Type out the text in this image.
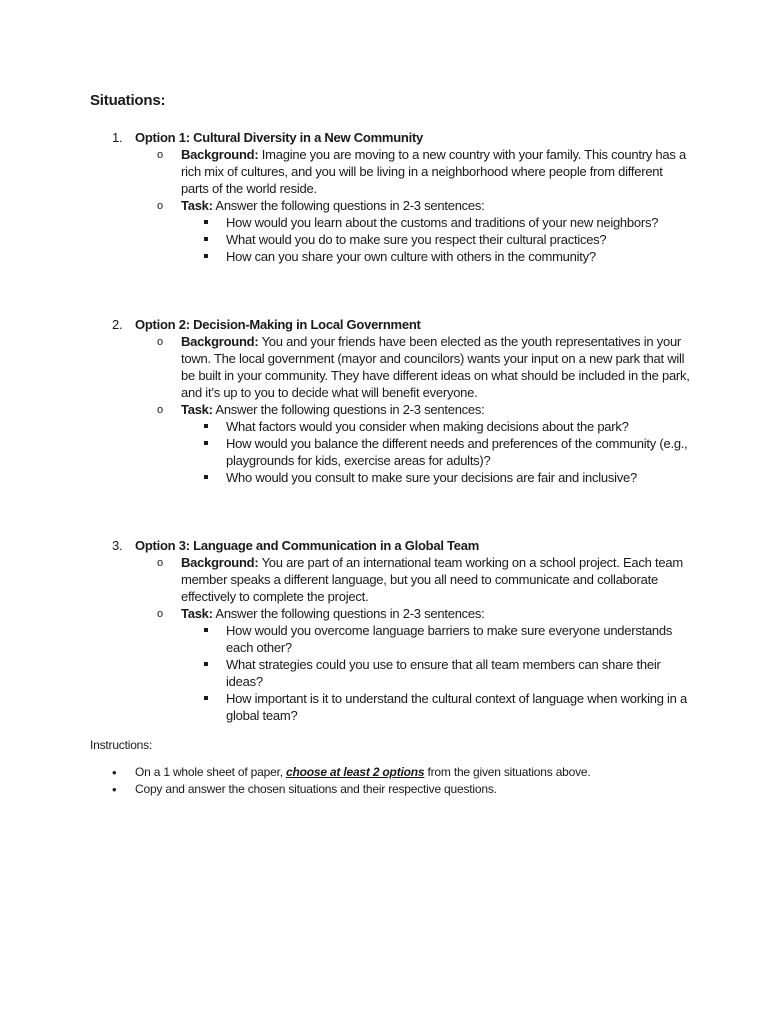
Situations:
1. Option 1: Cultural Diversity in a New Community
o Background: Imagine you are moving to a new country with your family. This country has a rich mix of cultures, and you will be living in a neighborhood where people from different parts of the world reside.
o Task: Answer the following questions in 2-3 sentences:
How would you learn about the customs and traditions of your new neighbors?
What would you do to make sure you respect their cultural practices?
How can you share your own culture with others in the community?
2. Option 2: Decision-Making in Local Government
o Background: You and your friends have been elected as the youth representatives in your town. The local government (mayor and councilors) wants your input on a new park that will be built in your community. They have different ideas on what should be included in the park, and it’s up to you to decide what will benefit everyone.
o Task: Answer the following questions in 2-3 sentences:
What factors would you consider when making decisions about the park?
How would you balance the different needs and preferences of the community (e.g., playgrounds for kids, exercise areas for adults)?
Who would you consult to make sure your decisions are fair and inclusive?
3. Option 3: Language and Communication in a Global Team
o Background: You are part of an international team working on a school project. Each team member speaks a different language, but you all need to communicate and collaborate effectively to complete the project.
o Task: Answer the following questions in 2-3 sentences:
How would you overcome language barriers to make sure everyone understands each other?
What strategies could you use to ensure that all team members can share their ideas?
How important is it to understand the cultural context of language when working in a global team?
Instructions:
• On a 1 whole sheet of paper, choose at least 2 options from the given situations above.
• Copy and answer the chosen situations and their respective questions.
